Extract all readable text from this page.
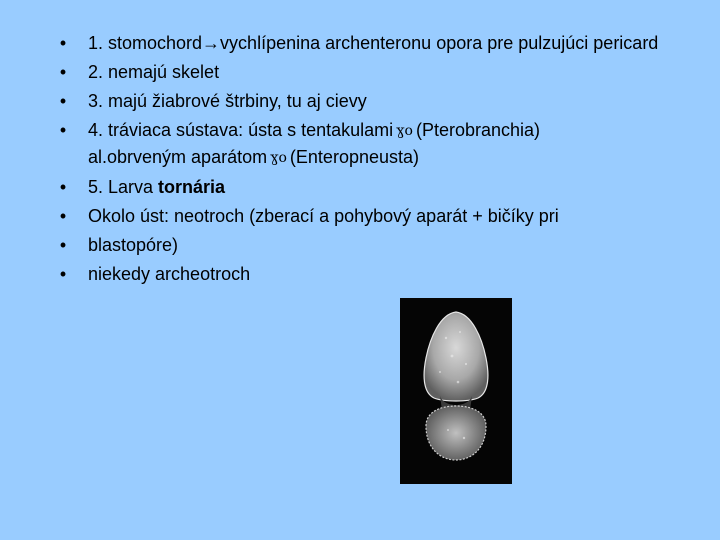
• 1. stomochord→vychlípenina archenteronu opora pre pulzujúci pericard
• 2. nemajú skelet
• 3. majú žiabrové štrbiny, tu aj cievy
• 4. tráviaca sústava: ústa s tentakulami ɣο (Pterobranchia)
al.obrveným aparátom ɣο (Enteropneusta)
• 5. Larva tornária
• Okolo úst: neotroch (zberací a pohybový aparát + bičíky pri
• blastopóre)
• niekedy archeotroch
